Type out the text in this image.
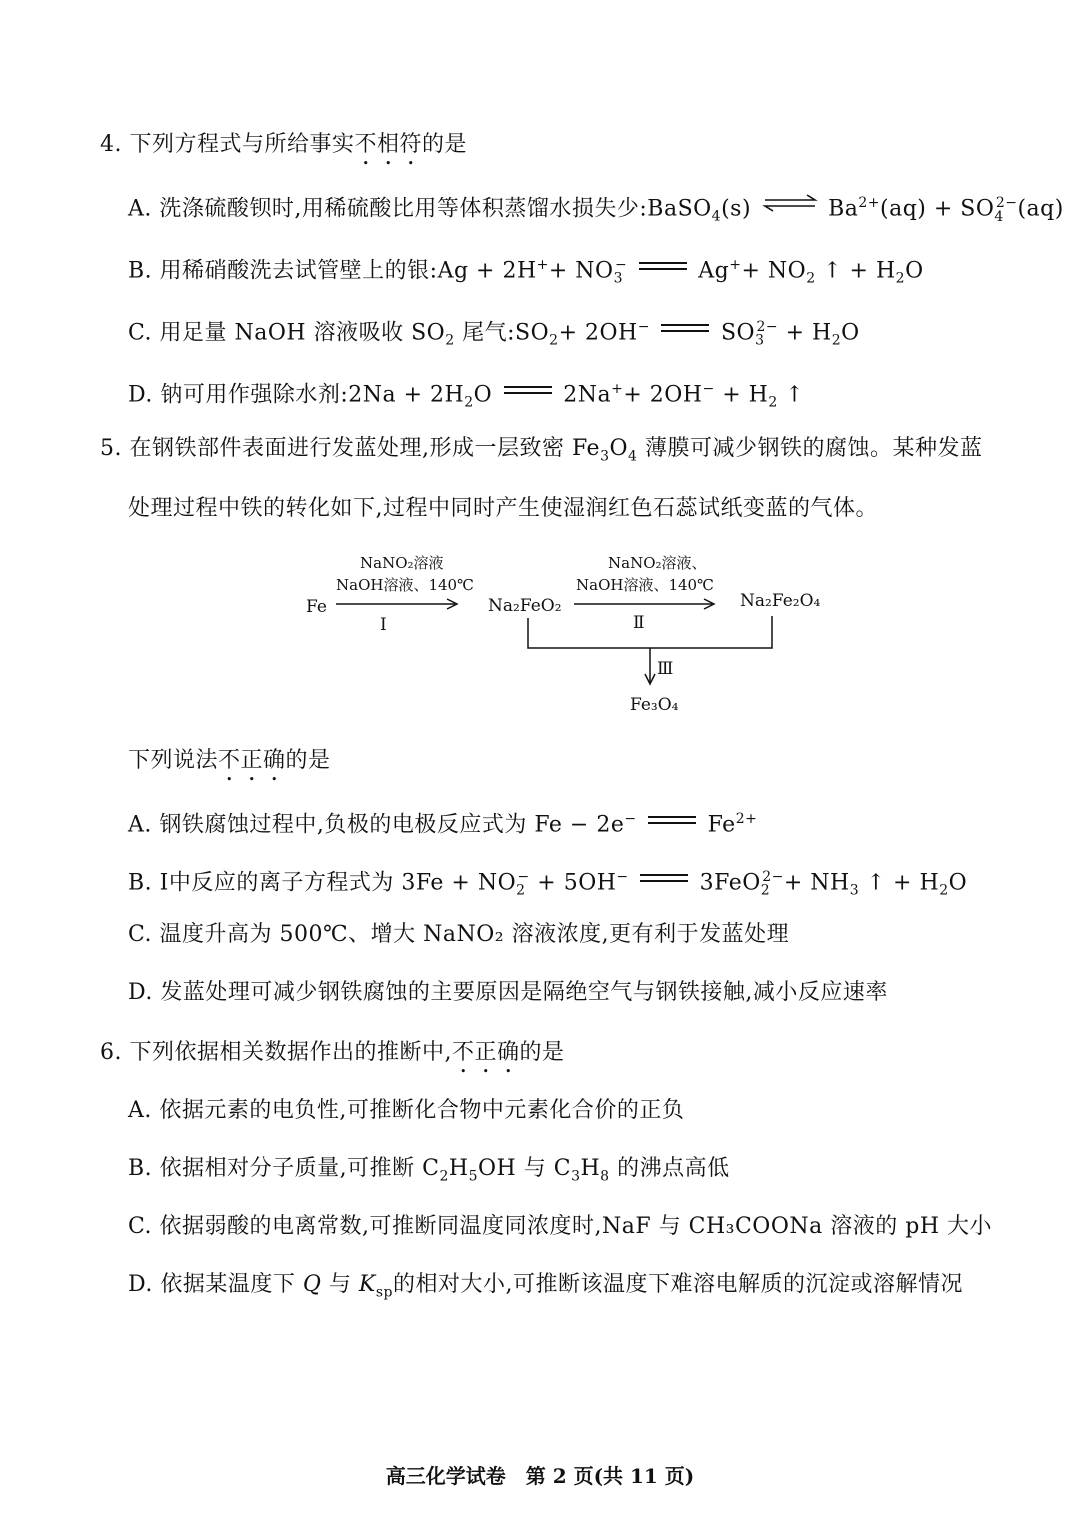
4. 下列方程式与所给事实不相符的是
A. 洗涤硫酸钡时,用稀硫酸比用等体积蒸馏水损失少:BaSO$_4$(s) ⇌ $Ba^{2+}(aq) + SO_4^{2-}(aq)$
B. 用稀硝酸洗去试管壁上的银:Ag + $2H^++ NO_3^-$	$Ag^++ NO_2$ ↑ + $H_2O$
C. 用足量 NaOH 溶液吸收 $SO_2$ 尾气$:SO_2+ 2OH^-$	$SO_3^{2-} + H_2O$
D. 钠可用作强除水剂:2Na + $2H_2O$	$2Na^++ 2OH^- + H_2$ ↑
5. 在钢铁部件表面进行发蓝处理,形成一层致密 $Fe_3O_4$ 薄膜可减少钢铁的腐蚀。某种发蓝
处理过程中铁的转化如下,过程中同时产生使湿润红色石蕊试纸变蓝的气体。
Fe
NaNO₂溶液
NaOH溶液、140℃
Ⅰ
Na₂FeO₂
NaNO₂溶液、
NaOH溶液、140℃
Ⅱ
Na₂Fe₂O₄
Ⅲ
Fe₃O₄
下列说法不正确的是
A. 钢铁腐蚀过程中,负极的电极反应式为 Fe − 2e−	$Fe^{2+}$
B. Ⅰ中反应的离子方程式为 $3Fe + NO_2^- + 5OH^-$	$3FeO_2^{2-}+ NH_3$ ↑ + $H_2O$
C. 温度升高为 500℃、增大 NaNO₂ 溶液浓度,更有利于发蓝处理
D. 发蓝处理可减少钢铁腐蚀的主要原因是隔绝空气与钢铁接触,减小反应速率
6. 下列依据相关数据作出的推断中,不正确的是
A. 依据元素的电负性,可推断化合物中元素化合价的正负
B. 依据相对分子质量,可推断 $C_2H_5OH$ 与 $C_3H_8$ 的沸点高低
C. 依据弱酸的电离常数,可推断同温度同浓度时,NaF 与 CH₃COONa 溶液的 pH 大小
D. 依据某温度下 Q 与 $K_{sp}$的相对大小,可推断该温度下难溶电解质的沉淀或溶解情况
高三化学试卷　第 2 页(共 11 页)
